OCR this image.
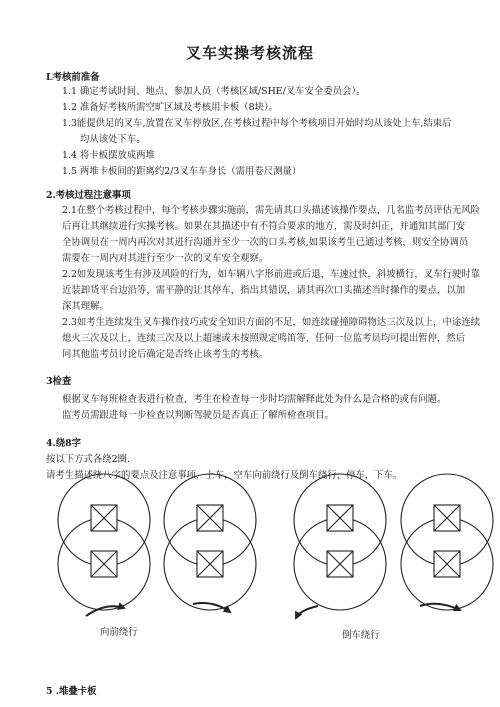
叉车实操考核流程
L考核前准备
1.1 确定考试时间、地点、参加人员（考核区域/SHE/叉车安全委员会）。
1.2 准备好考核所需空旷区域及考核用卡板（8块）。
1.3能提供足的叉车,放置在叉车停放区,在考核过程中每个考核项目开始时均从该处上车,结束后
均从该处下车。
1.4 将卡板摆放成两堆
1.5 两堆卡板间的距离约2/3叉车车身长（需用卷尺测量）
2.考核过程注意事项
2.1在整个考核过程中，每个考核步骤实施前，需先请其口头描述该操作要点，几名监考员评估无风险
后再让其继续进行实操考核。如果在其描述中有不符合要求的地方，需及时纠正，并通知其部门安
全协调员在一周内再次对其进行沟通并至少一次的口头考核,如果该考生已通过考核，则安全协调员
需要在一周内对其进行至少一次的叉车安全观察。
2.2如发现该考生有涉及风险的行为，如车辆八字形前进或后退，车速过快，斜坡横行，叉车行驶时靠
近装卸货平台边沿等，需平静的让其停车，指出其错误，请其再次口头描述当时操作的要点，以加
深其理解。
2.3如考生连续发生叉车操作技巧或安全知识方面的不足，如连续碰撞障碍物达三次及以上，中途连续
熄火三次及以上，连续三次及以上超速或未按照规定鸣笛等，任何一位监考员均可提出暂停，然后
同其他监考员讨论后确定是否终止该考生的考核。
3检查
根据叉车每班检查表进行检查，考生在检查每一步时均需解释此处为什么是合格的或有问题。
监考员需跟进每一步检查以判断驾驶员是否真正了解所检查项目。
4.绕8字
按以下方式各绕2圈.
请考生描述绕八字的要点及注意事项，上车，空车向前绕行及倒车绕行，停车，下车。
向前绕行	倒车绕行
5 .堆叠卡板
